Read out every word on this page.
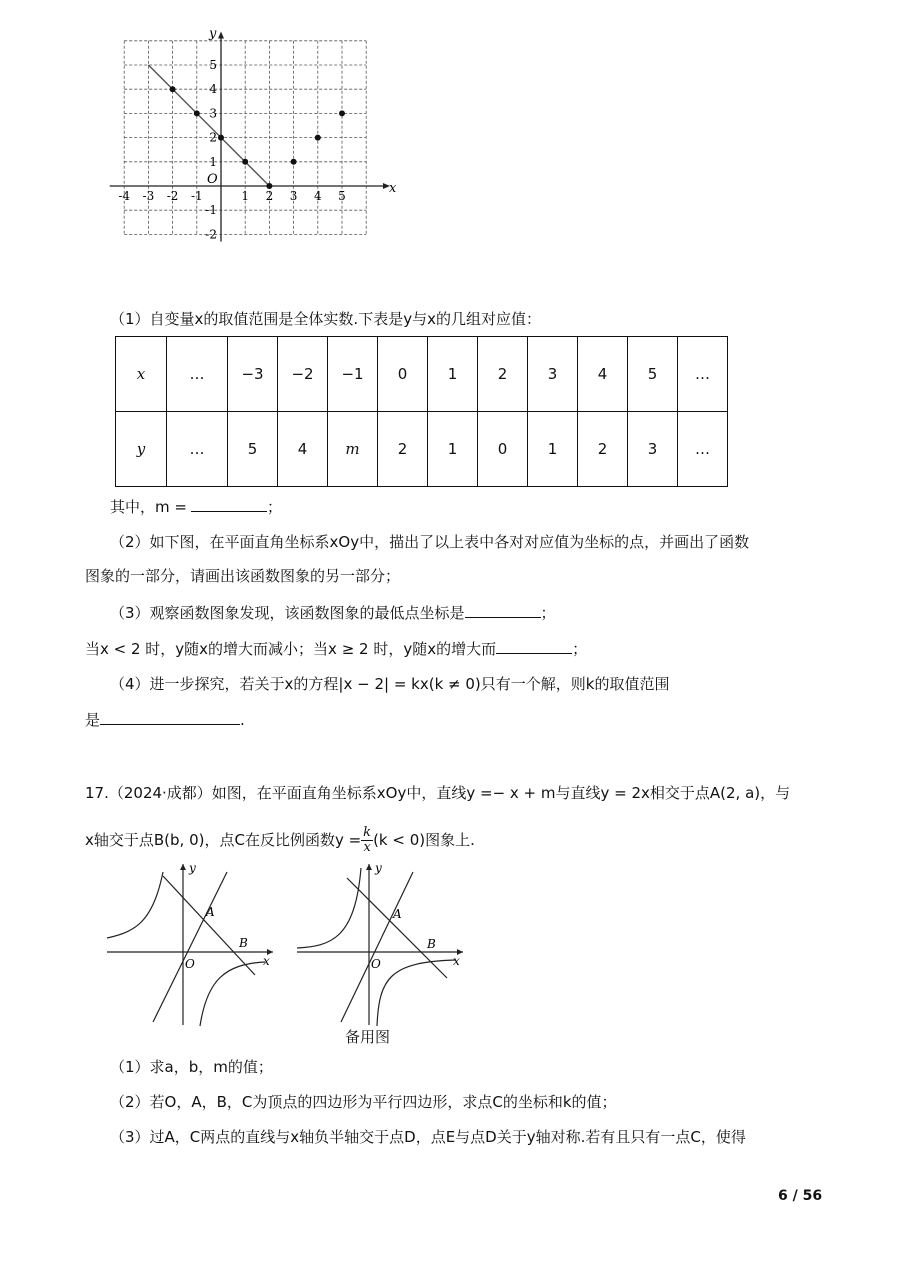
-4 -3 -2 -1	1 2 3 4 5
5
4
3
2
1
-1
-2
y
x
O
（1）自变量x的取值范围是全体实数.下表是y与x的几组对应值：
x	…	−3	−2	−1	0	1	2	3	4	5	…
y	…	5	4	m	2	1	0	1	2	3	…
其中，m =	；
（2）如下图，在平面直角坐标系xOy中，描出了以上表中各对对应值为坐标的点，并画出了函数
图象的一部分，请画出该函数图象的另一部分；
（3）观察函数图象发现，该函数图象的最低点坐标是	；
当x < 2 时，y随x的增大而减小；当x ≥ 2 时，y随x的增大而	；
（4）进一步探究，若关于x的方程|x − 2| = kx(k ≠ 0)只有一个解，则k的取值范围
是	.
17.（2024·成都）如图，在平面直角坐标系xOy中，直线y =− x + m与直线y = 2x相交于点A(2, a)，与
x轴交于点B(b, 0)，点C在反比例函数$y = \frac{k}{x} (k < 0)$图象上.
y
x
O
A
B
y
x
O
A
B
备用图
（1）求a，b，m的值；
（2）若O，A，B，C为顶点的四边形为平行四边形，求点C的坐标和k的值；
（3）过A，C两点的直线与x轴负半轴交于点D，点E与点D关于y轴对称.若有且只有一点C，使得
6 / 56
